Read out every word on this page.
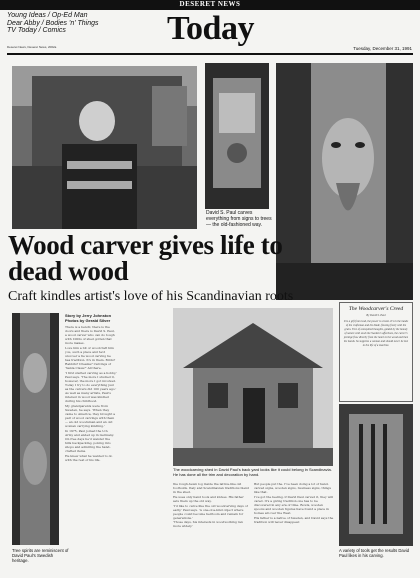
DESERET NEWS
Young Ideas / Op-Ed Man
Dear Abby / Bodies 'n' Things
TV Today / Comics
Deseret News, Deseret News, 2002a	Today
Tuesday, December 31, 1991
David S. Paul carves everything from signs to trees — the old-fashioned way.
Wood carver gives life to dead wood
Craft kindles artist's love of his Scandinavian roots
The Woodcarver's Creed
By David S. Paul
It is a gift from God, the power to create. It's in the hands of the craftsman and his blade, flowing freely with the grain. Free of unrequited thoughts, guided by the beauty of nature with souls the Sweden's affections, the carver's prestige flow directly from the heart to the wood and then his hands. So suppress a woman and should never be lost to the life of a machine.
Tree spirits are reminiscent of David Paul's Swedish heritage.
Story by Jerry Johnston
Photos by Gerald Silver

There is a bench; there is the doors and there is David S. Paul, a wood carver who can do tough with 1000s of shed gotten that more makes.

Love him a bit or woodcraft him you, such a place and he'd uncover a fie wood carving he has tradition. It's in them. Birds? Rabbits? Dreams? Carvings of 'Santa Claus?' All there.

'I first started carving as a hobby,' Paul says. 'The more I studied it, however, the more I got involved. Today I try to do everything just as the carvers did 100 years ago.'

As well as many artists, Paul's interest in wood was kindled during his childhood.

My grandparents were from Sweden, he says. 'When they came to America, they brought a pair of wood carvings with them — an old woodsman and an old woman carrying kindling.'

In 1975, Paul joined the U.S. Army and ended up in Germany. On free days he'd wander the hills backpacking, poking into shops and admiring the hand-crafted items.

He knew what he wanted to do with the rest of his life.

The woodcarving shed in David Paul's back yard looks like it could belong in Scandinavia. He has done all the trim and decoration by hand.

the rough-hewn log inside the lattice-like old footholds. Italy and Scandinavian traditions blend in the shed.

He uses only hand tools and knives. His father sets them up the old way.

'I'd like to carve like the old woodcarving days of early,' Paul says. 'A one-of-a-kind object where people could become heirloom and remain for generations.'

'Those days, his interests in woodworking ran more widely.'

But people put the. I've been doing a lot of hand-carved signs, wooden signs, business signs, things like that.

I've got the feeling, if David Paul carved it, they will cared. It's a giving tradition one has to be discovered in any era of time. Bowls, wooden spoons and wooden figures have found a place in homes all over the West.

His father is a native of Sweden, and David says the tradition will never disappear.

A variety of tools get the results David Paul likes in his carving.
